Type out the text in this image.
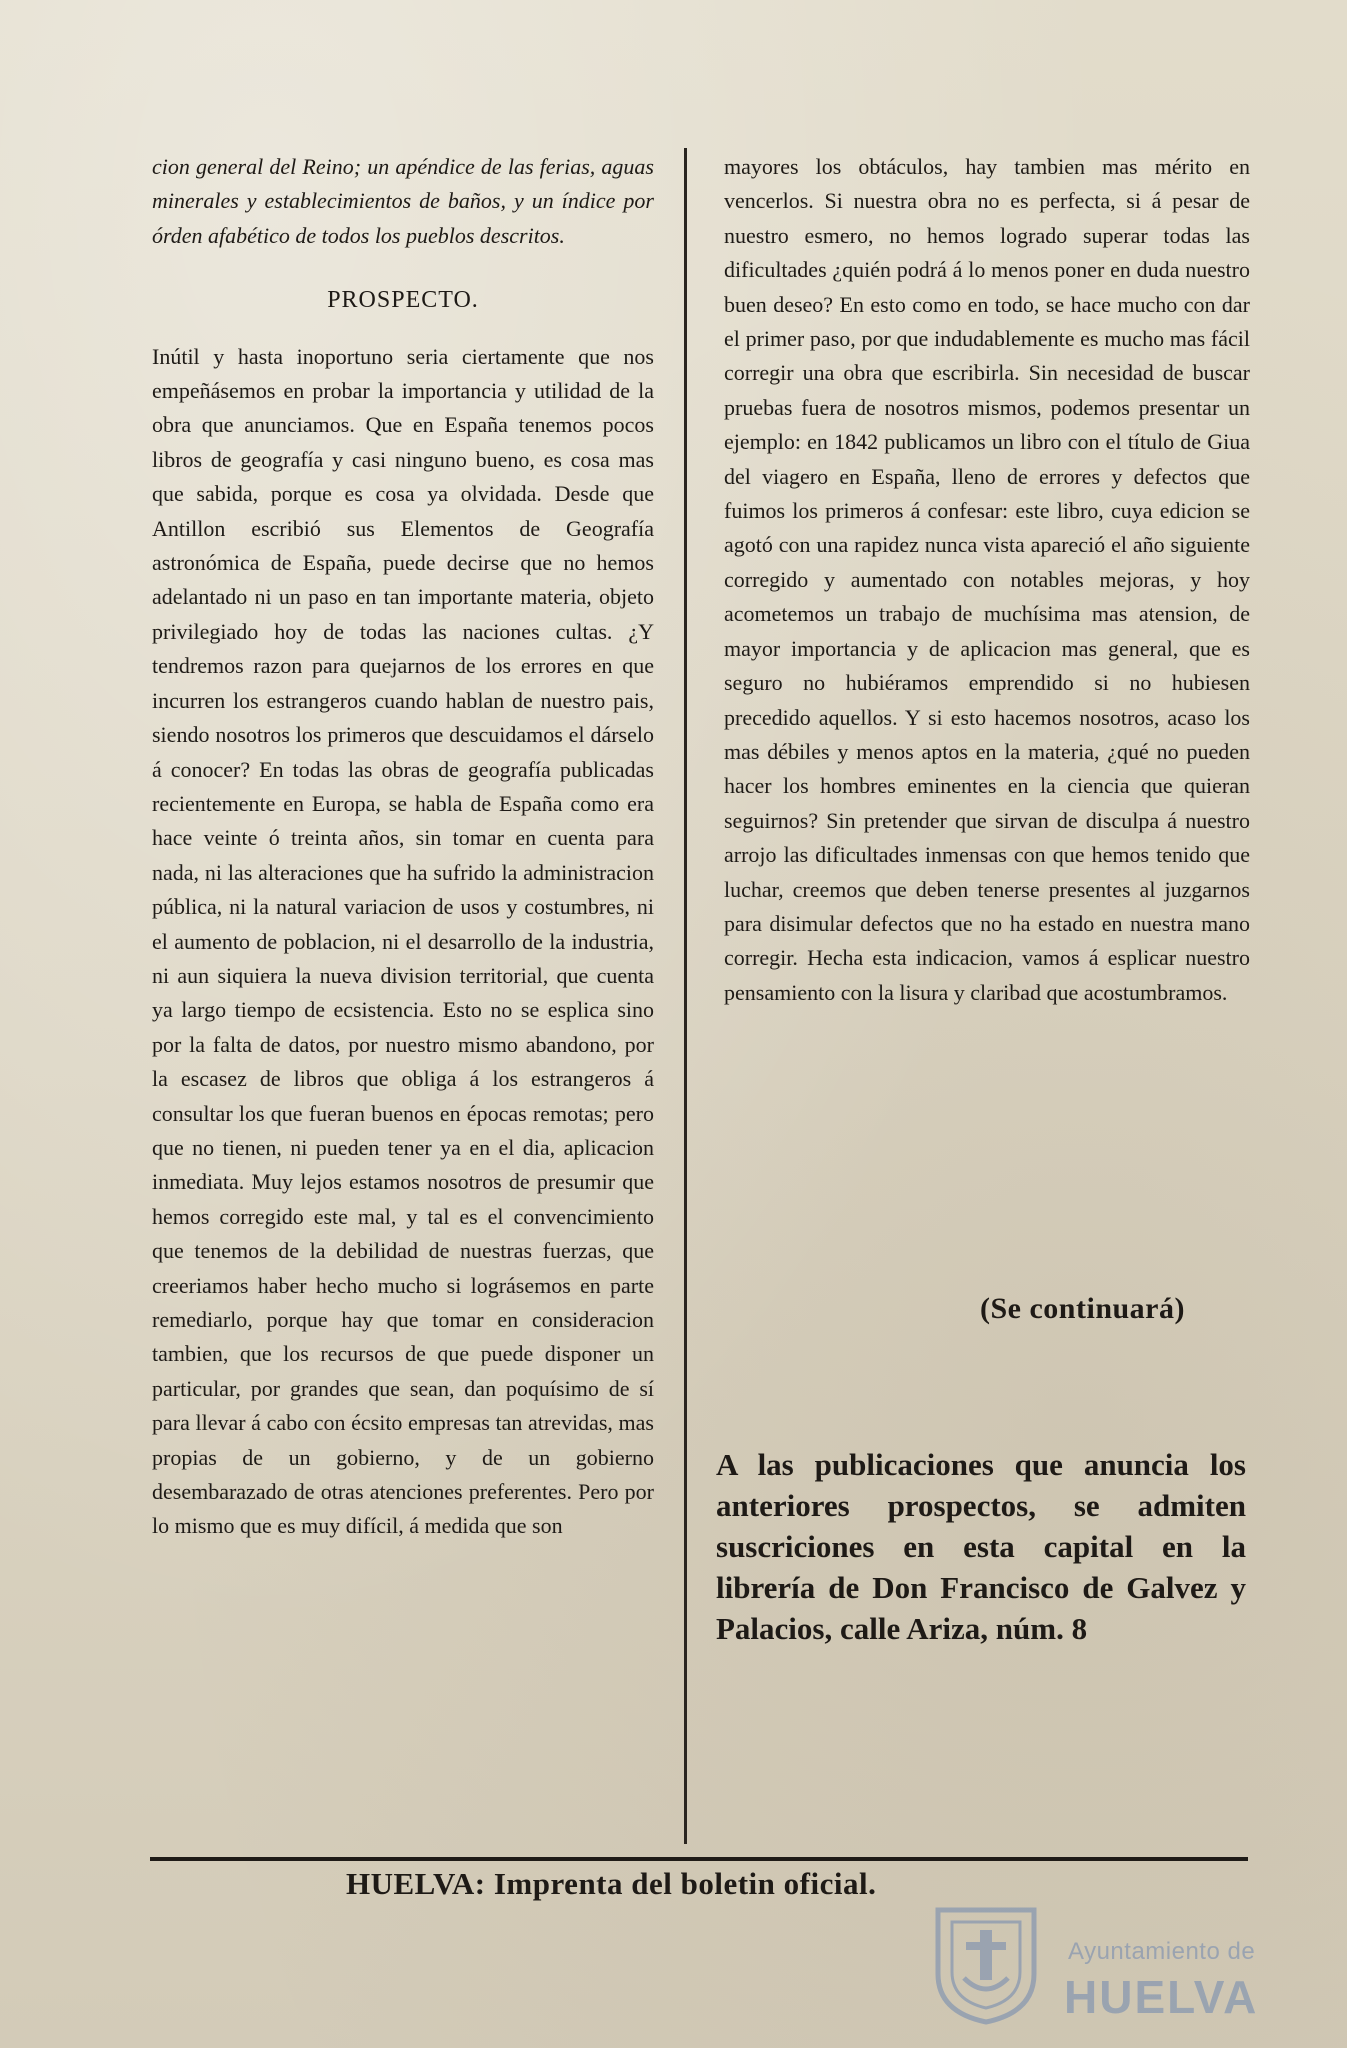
cion general del Reino; un apéndice de las ferias, aguas minerales y establecimientos de baños, y un índice por órden afabético de todos los pueblos descritos.

PROSPECTO.

Inútil y hasta inoportuno seria ciertamente que nos empeñásemos en probar la importancia y utilidad de la obra que anunciamos. Que en España tenemos pocos libros de geografía y casi ninguno bueno, es cosa mas que sabida, porque es cosa ya olvidada. Desde que Antillon escribió sus Elementos de Geografía astronómica de España, puede decirse que no hemos adelantado ni un paso en tan importante materia, objeto privilegiado hoy de todas las naciones cultas. ¿Y tendremos razon para quejarnos de los errores en que incurren los estrangeros cuando hablan de nuestro pais, siendo nosotros los primeros que descuidamos el dárselo á conocer? En todas las obras de geografía publicadas recientemente en Europa, se habla de España como era hace veinte ó treinta años, sin tomar en cuenta para nada, ni las alteraciones que ha sufrido la administracion pública, ni la natural variacion de usos y costumbres, ni el aumento de poblacion, ni el desarrollo de la industria, ni aun siquiera la nueva division territorial, que cuenta ya largo tiempo de ecsistencia. Esto no se esplica sino por la falta de datos, por nuestro mismo abandono, por la escasez de libros que obliga á los estrangeros á consultar los que fueran buenos en épocas remotas; pero que no tienen, ni pueden tener ya en el dia, aplicacion inmediata. Muy lejos estamos nosotros de presumir que hemos corregido este mal, y tal es el convencimiento que tenemos de la debilidad de nuestras fuerzas, que creeriamos haber hecho mucho si lográsemos en parte remediarlo, porque hay que tomar en consideracion tambien, que los recursos de que puede disponer un particular, por grandes que sean, dan poquísimo de sí para llevar á cabo con écsito empresas tan atrevidas, mas propias de un gobierno, y de un gobierno desembarazado de otras atenciones preferentes. Pero por lo mismo que es muy difícil, á medida que son

mayores los obtáculos, hay tambien mas mérito en vencerlos. Si nuestra obra no es perfecta, si á pesar de nuestro esmero, no hemos logrado superar todas las dificultades ¿quién podrá á lo menos poner en duda nuestro buen deseo? En esto como en todo, se hace mucho con dar el primer paso, por que indudablemente es mucho mas fácil corregir una obra que escribirla. Sin necesidad de buscar pruebas fuera de nosotros mismos, podemos presentar un ejemplo: en 1842 publicamos un libro con el título de Giua del viagero en España, lleno de errores y defectos que fuimos los primeros á confesar: este libro, cuya edicion se agotó con una rapidez nunca vista apareció el año siguiente corregido y aumentado con notables mejoras, y hoy acometemos un trabajo de muchísima mas atension, de mayor importancia y de aplicacion mas general, que es seguro no hubiéramos emprendido si no hubiesen precedido aquellos. Y si esto hacemos nosotros, acaso los mas débiles y menos aptos en la materia, ¿qué no pueden hacer los hombres eminentes en la ciencia que quieran seguirnos? Sin pretender que sirvan de disculpa á nuestro arrojo las dificultades inmensas con que hemos tenido que luchar, creemos que deben tenerse presentes al juzgarnos para disimular defectos que no ha estado en nuestra mano corregir. Hecha esta indicacion, vamos á esplicar nuestro pensamiento con la lisura y claribad que acostumbramos.

(Se continuará)
A las publicaciones que anuncia los anteriores prospectos, se admiten suscriciones en esta capital en la librería de Don Francisco de Galvez y Palacios, calle Ariza, núm. 8
HUELVA: Imprenta del boletin oficial.
Ayuntamiento de
HUELVA
